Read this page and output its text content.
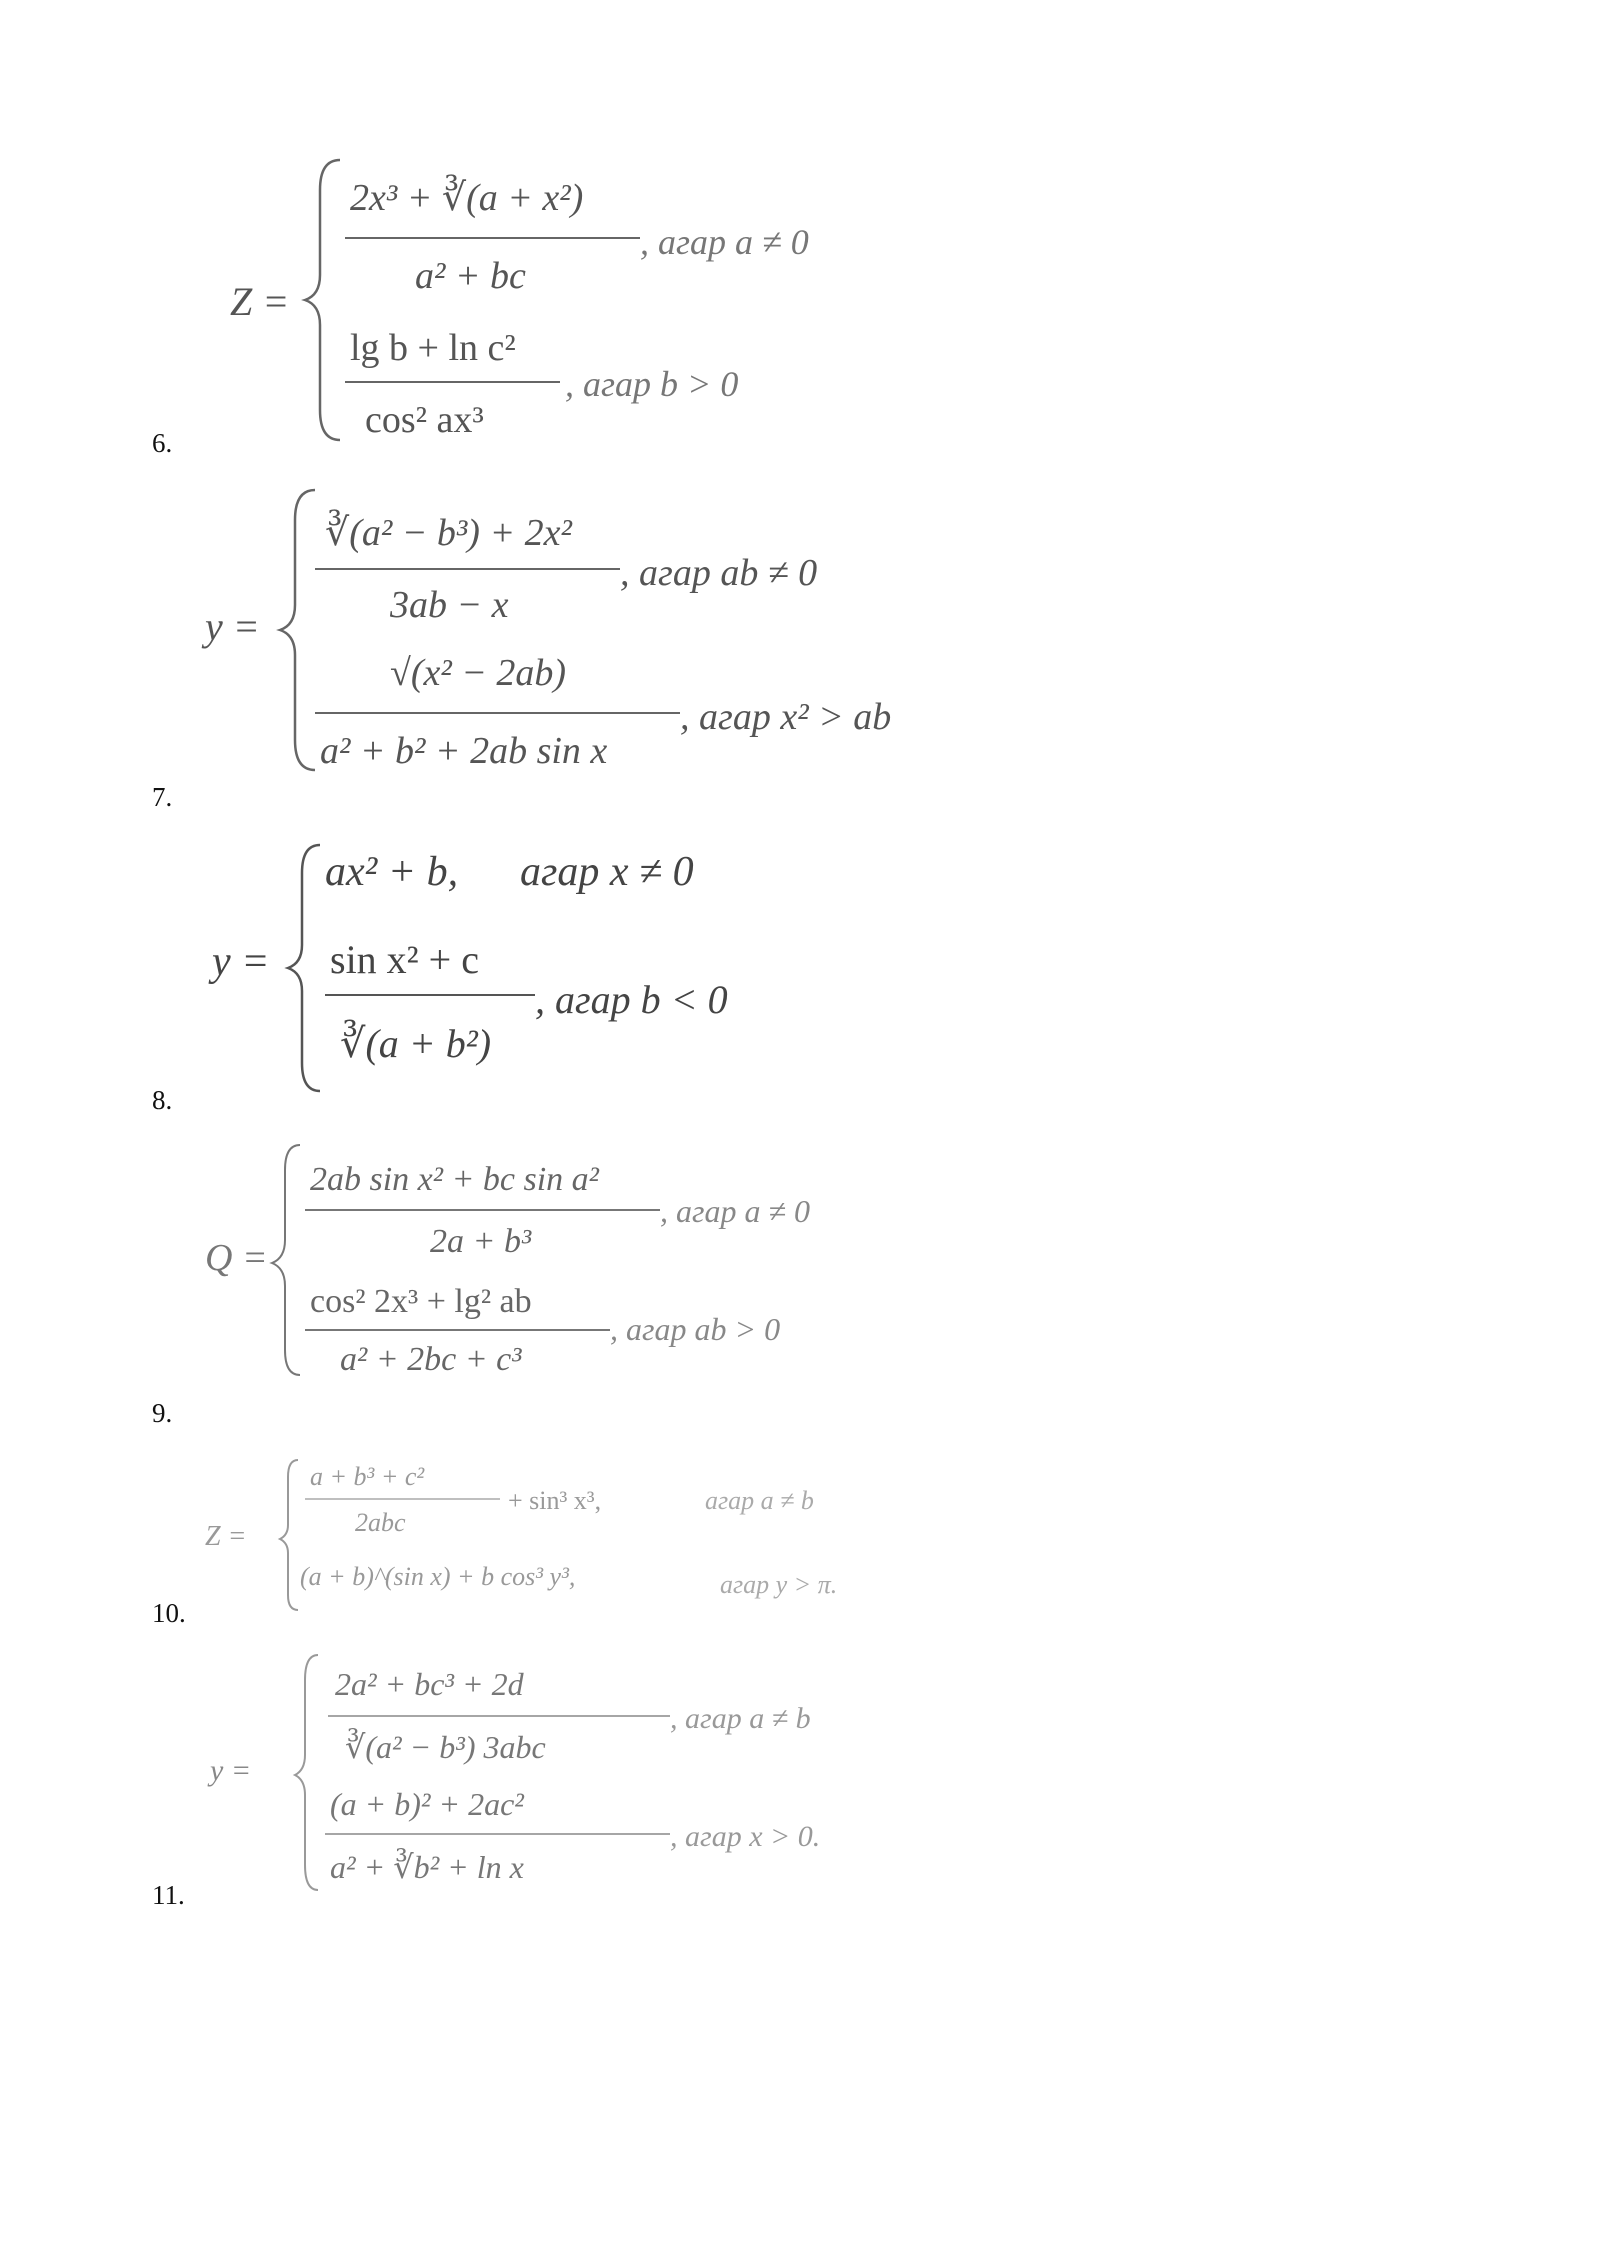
Z =
2x³ + ∛(a + x²)
a² + bc
, агар a ≠ 0
lg b + ln c²
cos² ax³
, агар b > 0
6.
y =
∛(a² − b³) + 2x²
3ab − x
, агар ab ≠ 0
√(x² − 2ab)
a² + b² + 2ab sin x
, агар x² > ab
7.
y =
ax² + b, агар x ≠ 0
sin x² + c
∛(a + b²)
, агар b < 0
8.
Q =
2ab sin x² + bc sin a²
2a + b³
, агар a ≠ 0
cos² 2x³ + lg² ab
a² + 2bc + c³
, агар ab > 0
9.
Z =
a + b³ + c²
2abc
+ sin³ x³,	агар a ≠ b
(a + b)^(sin x) + b cos³ y³,	агар y > π.
10.
y =
2a² + bc³ + 2d
∛(a² − b³) 3abc
, агар a ≠ b
(a + b)² + 2ac²
a² + ∛b² + ln x
, агар x > 0.
11.
